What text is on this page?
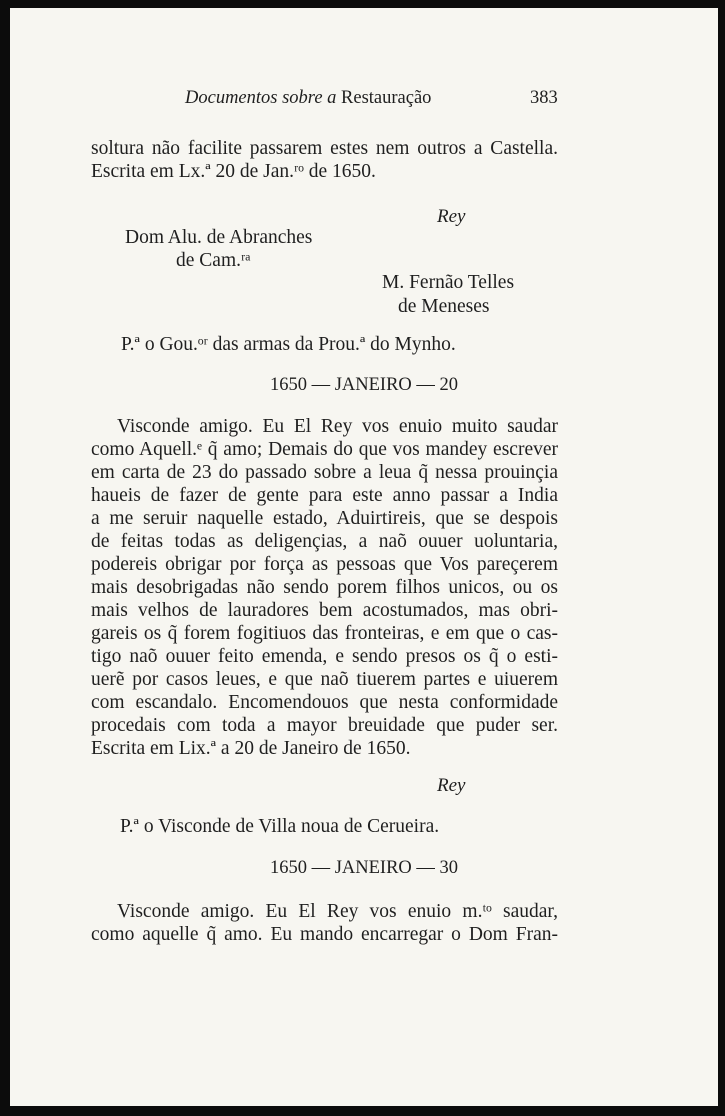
Documentos sobre a Restauração	383
soltura não facilite passarem estes nem outros a Castella.
Escrita em Lx.ª 20 de Jan.ʳᵒ de 1650.
Rey
Dom Alu. de Abranches
de Cam.ʳᵃ
M. Fernão Telles
de Meneses
P.ª o Gou.ᵒʳ das armas da Prou.ª do Mynho.
1650 — JANEIRO — 20
Visconde amigo. Eu El Rey vos enuio muito saudar
como Aquell.ᵉ q̃ amo; Demais do que vos mandey escrever
em carta de 23 do passado sobre a leua q̃ nessa prouinçia
haueis de fazer de gente para este anno passar a India
a me seruir naquelle estado, Aduirtireis, que se despois
de feitas todas as deligençias, a naõ ouuer uoluntaria,
podereis obrigar por força as pessoas que Vos pareçerem
mais desobrigadas não sendo porem filhos unicos, ou os
mais velhos de lauradores bem acostumados, mas obri-
gareis os q̃ forem fogitiuos das fronteiras, e em que o cas-
tigo naõ ouuer feito emenda, e sendo presos os q̃ o esti-
uerẽ por casos leues, e que naõ tiuerem partes e uiuerem
com escandalo. Encomendouos que nesta conformidade
procedais com toda a mayor breuidade que puder ser.
Escrita em Lix.ª a 20 de Janeiro de 1650.
Rey
P.ª o Visconde de Villa noua de Cerueira.
1650 — JANEIRO — 30
Visconde amigo. Eu El Rey vos enuio m.ᵗᵒ saudar,
como aquelle q̃ amo. Eu mando encarregar o Dom Fran-
